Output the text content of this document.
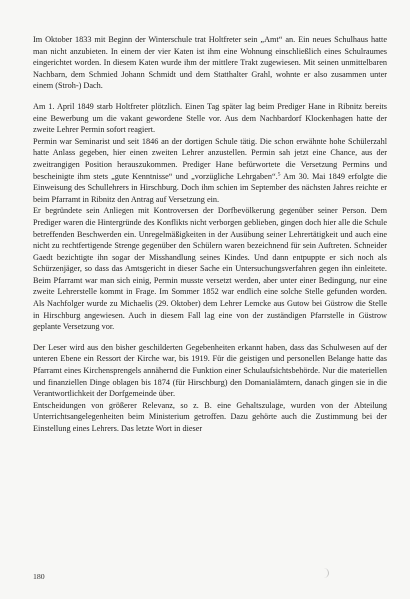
Im Oktober 1833 mit Beginn der Winterschule trat Holtfreter sein „Amt“ an. Ein neues Schulhaus hatte man nicht anzubieten. In einem der vier Katen ist ihm eine Wohnung einschließlich eines Schulraumes eingerichtet worden. In diesem Katen wurde ihm der mittlere Trakt zugewiesen. Mit seinen unmittelbaren Nachbarn, dem Schmied Johann Schmidt und dem Statthalter Grahl, wohnte er also zusammen unter einem (Stroh-) Dach.

Am 1. April 1849 starb Holtfreter plötzlich. Einen Tag später lag beim Prediger Hane in Ribnitz bereits eine Bewerbung um die vakant gewordene Stelle vor. Aus dem Nachbardorf Klockenhagen hatte der zweite Lehrer Permin sofort reagiert.

Permin war Seminarist und seit 1846 an der dortigen Schule tätig. Die schon erwähnte hohe Schülerzahl hatte Anlass gegeben, hier einen zweiten Lehrer anzustellen. Permin sah jetzt eine Chance, aus der zweitrangigen Position herauszukommen. Prediger Hane befürwortete die Versetzung Permins und bescheinigte ihm stets „gute Kenntnisse“ und „vorzügliche Lehrgaben“.$^5$ Am 30. Mai 1849 erfolgte die Einweisung des Schullehrers in Hirschburg. Doch ihm schien im September des nächsten Jahres reichte er beim Pfarramt in Ribnitz den Antrag auf Versetzung ein.

Er begründete sein Anliegen mit Kontroversen der Dorfbevölkerung gegenüber seiner Person. Dem Prediger waren die Hintergründe des Konflikts nicht verborgen geblieben, gingen doch hier alle die Schule betreffenden Beschwerden ein. Unregelmäßigkeiten in der Ausübung seiner Lehrertätigkeit und auch eine nicht zu rechtfertigende Strenge gegenüber den Schülern waren bezeichnend für sein Auftreten. Schneider Gaedt bezichtigte ihn sogar der Misshandlung seines Kindes. Und dann entpuppte er sich noch als Schürzenjäger, so dass das Amtsgericht in dieser Sache ein Untersuchungsverfahren gegen ihn einleitete. Beim Pfarramt war man sich einig, Permin musste versetzt werden, aber unter einer Bedingung, nur eine zweite Lehrerstelle kommt in Frage. Im Sommer 1852 war endlich eine solche Stelle gefunden worden. Als Nachfolger wurde zu Michaelis (29. Oktober) dem Lehrer Lemcke aus Gutow bei Güstrow die Stelle in Hirschburg angewiesen. Auch in diesem Fall lag eine von der zuständigen Pfarrstelle in Güstrow geplante Versetzung vor.

Der Leser wird aus den bisher geschilderten Gegebenheiten erkannt haben, dass das Schulwesen auf der unteren Ebene ein Ressort der Kirche war, bis 1919. Für die geistigen und personellen Belange hatte das Pfarramt eines Kirchensprengels annähernd die Funktion einer Schulaufsichtsbehörde. Nur die materiellen und finanziellen Dinge oblagen bis 1874 (für Hirschburg) den Domanialämtern, danach gingen sie in die Verantwortlichkeit der Dorfgemeinde über.

Entscheidungen von größerer Relevanz, so z. B. eine Gehaltszulage, wurden von der Abteilung Unterrichtsangelegenheiten beim Ministerium getroffen. Dazu gehörte auch die Zustimmung bei der Einstellung eines Lehrers. Das letzte Wort in dieser

180
